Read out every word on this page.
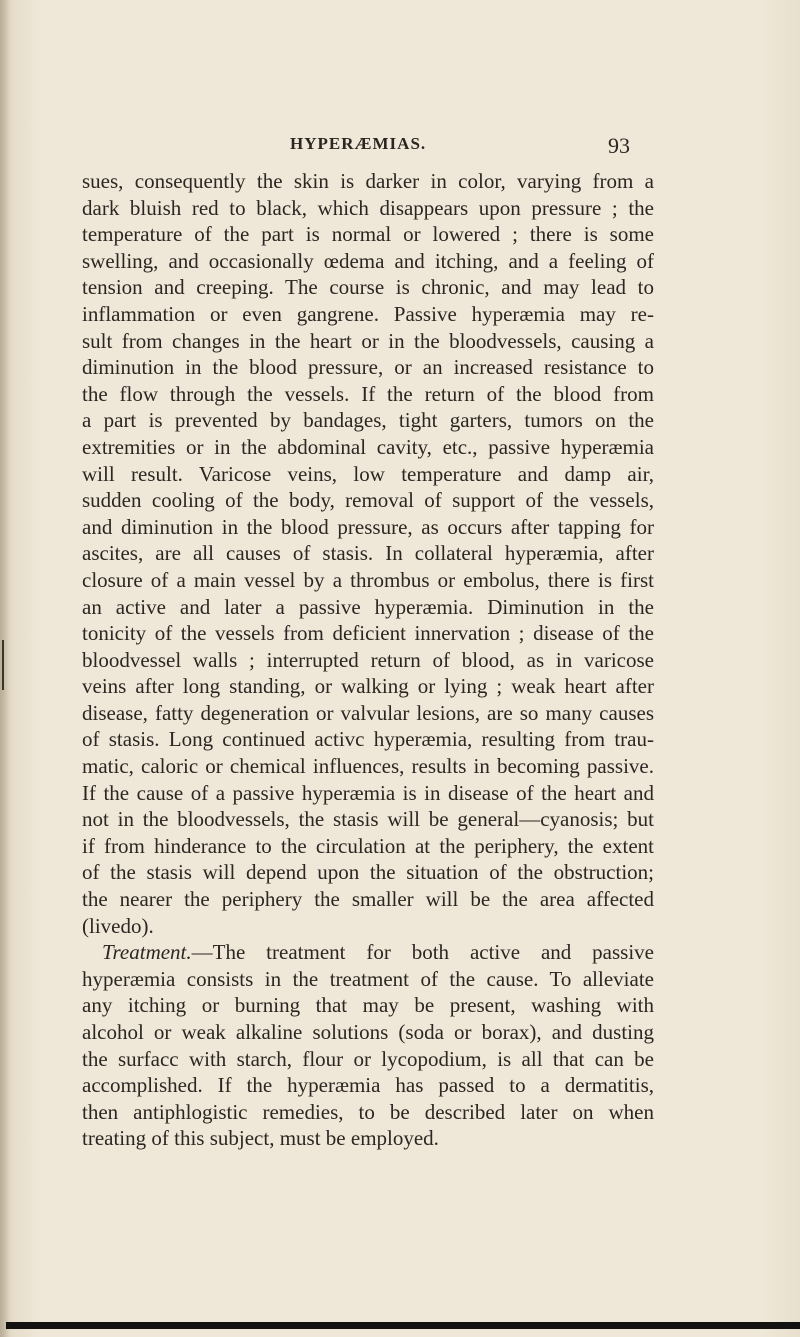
HYPERÆMIAS.	93
sues, consequently the skin is darker in color, varying from a
dark bluish red to black, which disappears upon pressure ; the
temperature of the part is normal or lowered ; there is some
swelling, and occasionally œdema and itching, and a feeling of
tension and creeping. The course is chronic, and may lead to
inflammation or even gangrene. Passive hyperæmia may re-
sult from changes in the heart or in the bloodvessels, causing a
diminution in the blood pressure, or an increased resistance to
the flow through the vessels. If the return of the blood from
a part is prevented by bandages, tight garters, tumors on the
extremities or in the abdominal cavity, etc., passive hyperæmia
will result. Varicose veins, low temperature and damp air,
sudden cooling of the body, removal of support of the vessels,
and diminution in the blood pressure, as occurs after tapping for
ascites, are all causes of stasis. In collateral hyperæmia, after
closure of a main vessel by a thrombus or embolus, there is first
an active and later a passive hyperæmia. Diminution in the
tonicity of the vessels from deficient innervation ; disease of the
bloodvessel walls ; interrupted return of blood, as in varicose
veins after long standing, or walking or lying ; weak heart after
disease, fatty degeneration or valvular lesions, are so many causes
of stasis. Long continued activc hyperæmia, resulting from trau-
matic, caloric or chemical influences, results in becoming passive.
If the cause of a passive hyperæmia is in disease of the heart and
not in the bloodvessels, the stasis will be general—cyanosis; but
if from hinderance to the circulation at the periphery, the extent
of the stasis will depend upon the situation of the obstruction;
the nearer the periphery the smaller will be the area affected
(livedo).
Treatment.—The treatment for both active and passive
hyperæmia consists in the treatment of the cause. To alleviate
any itching or burning that may be present, washing with
alcohol or weak alkaline solutions (soda or borax), and dusting
the surfacc with starch, flour or lycopodium, is all that can be
accomplished. If the hyperæmia has passed to a dermatitis,
then antiphlogistic remedies, to be described later on when
treating of this subject, must be employed.
